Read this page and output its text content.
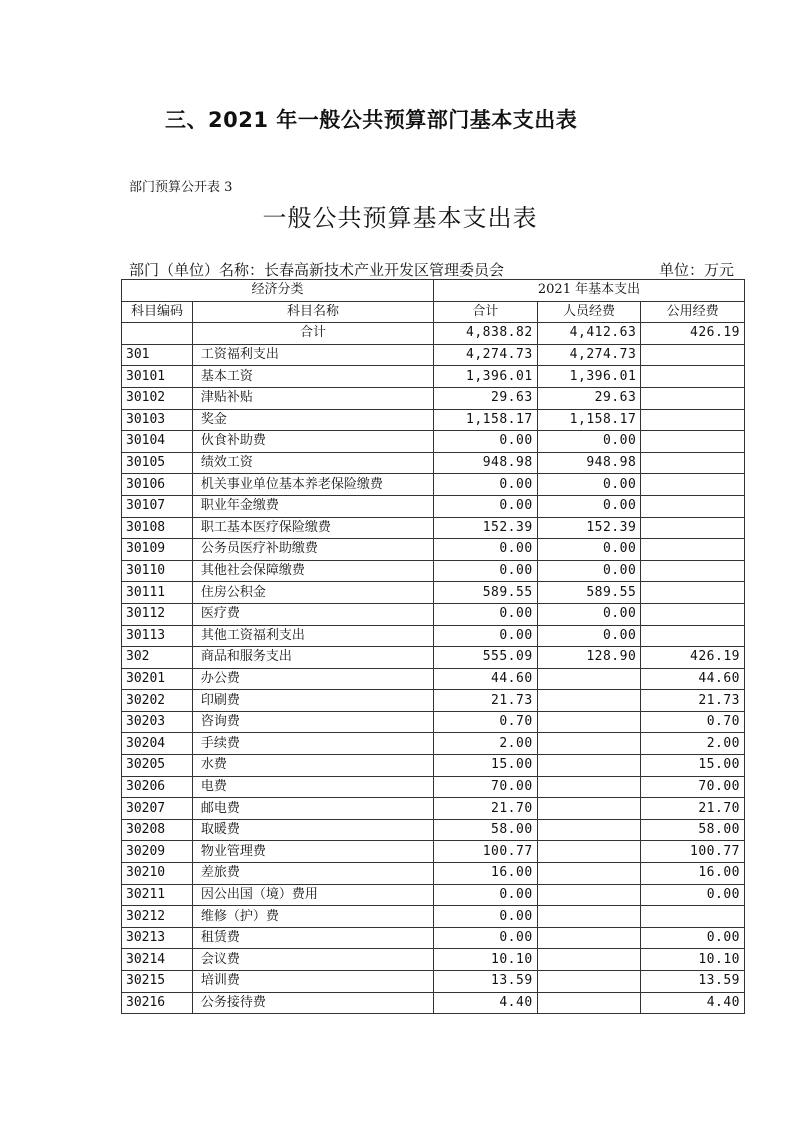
三、2021 年一般公共预算部门基本支出表
部门预算公开表 3
一般公共预算基本支出表
部门（单位）名称：长春高新技术产业开发区管理委员会	单位：万元
经济分类		2021 年基本支出		
科目编码	科目名称	合计	人员经费	公用经费
	合计	4,838.82	4,412.63	426.19
301	工资福利支出	4,274.73	4,274.73	
30101	基本工资	1,396.01	1,396.01	
30102	津贴补贴	29.63	29.63	
30103	奖金	1,158.17	1,158.17	
30104	伙食补助费	0.00	0.00	
30105	绩效工资	948.98	948.98	
30106	机关事业单位基本养老保险缴费	0.00	0.00	
30107	职业年金缴费	0.00	0.00	
30108	职工基本医疗保险缴费	152.39	152.39	
30109	公务员医疗补助缴费	0.00	0.00	
30110	其他社会保障缴费	0.00	0.00	
30111	住房公积金	589.55	589.55	
30112	医疗费	0.00	0.00	
30113	其他工资福利支出	0.00	0.00	
302	商品和服务支出	555.09	128.90	426.19
30201	办公费	44.60		44.60
30202	印刷费	21.73		21.73
30203	咨询费	0.70		0.70
30204	手续费	2.00		2.00
30205	水费	15.00		15.00
30206	电费	70.00		70.00
30207	邮电费	21.70		21.70
30208	取暖费	58.00		58.00
30209	物业管理费	100.77		100.77
30210	差旅费	16.00		16.00
30211	因公出国（境）费用	0.00		0.00
30212	维修（护）费	0.00		
30213	租赁费	0.00		0.00
30214	会议费	10.10		10.10
30215	培训费	13.59		13.59
30216	公务接待费	4.40		4.40
